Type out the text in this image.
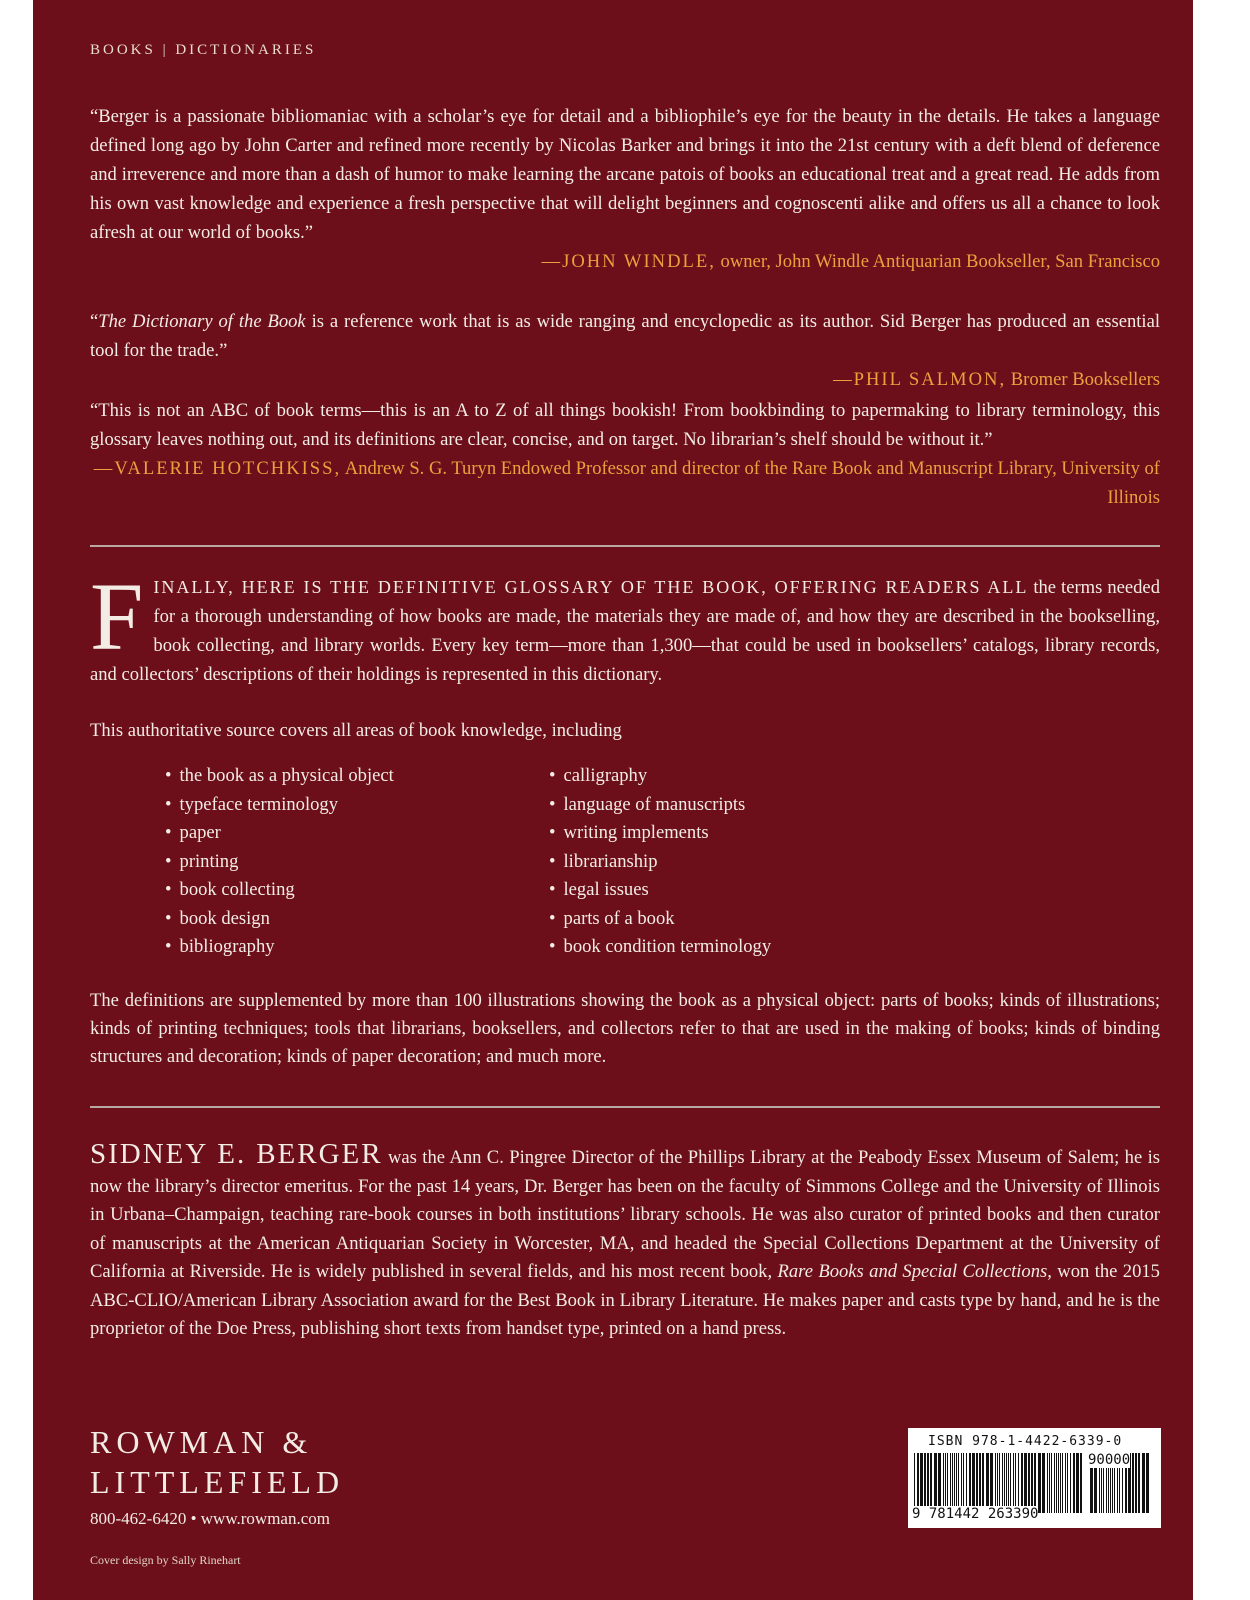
BOOKS | DICTIONARIES
“Berger is a passionate bibliomaniac with a scholar’s eye for detail and a bibliophile’s eye for the beauty in the details. He takes a language defined long ago by John Carter and refined more recently by Nicolas Barker and brings it into the 21st century with a deft blend of deference and irreverence and more than a dash of humor to make learning the arcane patois of books an educational treat and a great read. He adds from his own vast knowledge and experience a fresh perspective that will delight beginners and cognoscenti alike and offers us all a chance to look afresh at our world of books.”
—JOHN WINDLE, owner, John Windle Antiquarian Bookseller, San Francisco
“The Dictionary of the Book is a reference work that is as wide ranging and encyclopedic as its author. Sid Berger has produced an essential tool for the trade.”
—PHIL SALMON, Bromer Booksellers
“This is not an ABC of book terms—this is an A to Z of all things bookish! From bookbinding to papermaking to library terminology, this glossary leaves nothing out, and its definitions are clear, concise, and on target. No librarian’s shelf should be without it.”
—VALERIE HOTCHKISS, Andrew S. G. Turyn Endowed Professor and director of the Rare Book and Manuscript Library, University of Illinois
FINALLY, HERE IS THE DEFINITIVE GLOSSARY OF THE BOOK, OFFERING READERS ALL the terms needed for a thorough understanding of how books are made, the materials they are made of, and how they are described in the bookselling, book collecting, and library worlds. Every key term—more than 1,300—that could be used in booksellers’ catalogs, library records, and collectors’ descriptions of their holdings is represented in this dictionary.
This authoritative source covers all areas of book knowledge, including
• the book as a physical object
• typeface terminology
• paper
• printing
• book collecting
• book design
• bibliography
• calligraphy
• language of manuscripts
• writing implements
• librarianship
• legal issues
• parts of a book
• book condition terminology
The definitions are supplemented by more than 100 illustrations showing the book as a physical object: parts of books; kinds of illustrations; kinds of printing techniques; tools that librarians, booksellers, and collectors refer to that are used in the making of books; kinds of binding structures and decoration; kinds of paper decoration; and much more.
SIDNEY E. BERGER was the Ann C. Pingree Director of the Phillips Library at the Peabody Essex Museum of Salem; he is now the library’s director emeritus. For the past 14 years, Dr. Berger has been on the faculty of Simmons College and the University of Illinois in Urbana–Champaign, teaching rare-book courses in both institutions’ library schools. He was also curator of printed books and then curator of manuscripts at the American Antiquarian Society in Worcester, MA, and headed the Special Collections Department at the University of California at Riverside. He is widely published in several fields, and his most recent book, Rare Books and Special Collections, won the 2015 ABC-CLIO/American Library Association award for the Best Book in Library Literature. He makes paper and casts type by hand, and he is the proprietor of the Doe Press, publishing short texts from handset type, printed on a hand press.
ROWMAN &
LITTLEFIELD
800-462-6420 • www.rowman.com
Cover design by Sally Rinehart
ISBN 978-1-4422-6339-0
9 781442 263390
90000
